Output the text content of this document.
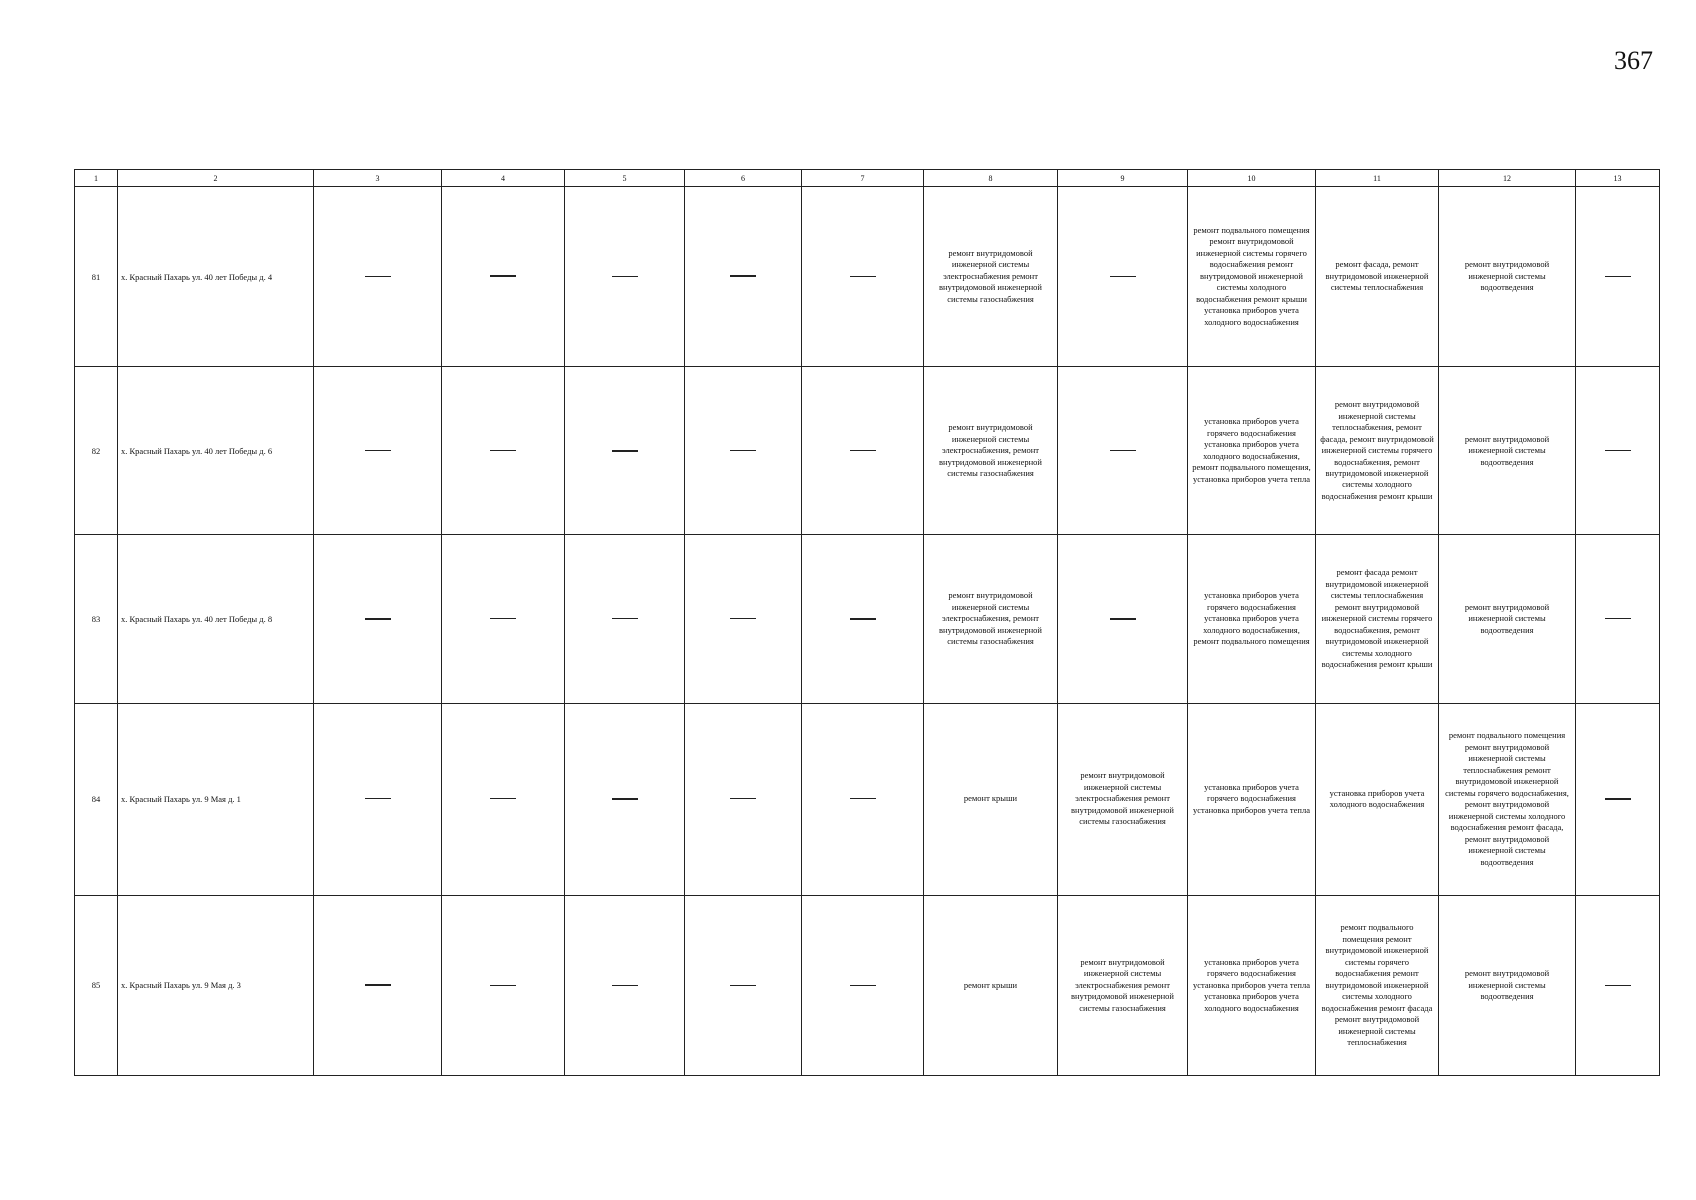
367
1	2	3	4	5	6	7	8	9	10	11	12	13
81	х. Красный Пахарь ул. 40 лет Победы д. 4						ремонт внутридомовой инженерной системы электроснабжения ремонт внутридомовой инженерной системы газоснабжения		ремонт подвального помещения ремонт внутридомовой инженерной системы горячего водоснабжения ремонт внутридомовой инженерной системы холодного водоснабжения ремонт крыши установка приборов учета холодного водоснабжения	ремонт фасада, ремонт внутридомовой инженерной системы теплоснабжения	ремонт внутридомовой инженерной системы водоотведения	
82	х. Красный Пахарь ул. 40 лет Победы д. 6						ремонт внутридомовой инженерной системы электроснабжения, ремонт внутридомовой инженерной системы газоснабжения		установка приборов учета горячего водоснабжения установка приборов учета холодного водоснабжения, ремонт подвального помещения, установка приборов учета тепла	ремонт внутридомовой инженерной системы теплоснабжения, ремонт фасада, ремонт внутридомовой инженерной системы горячего водоснабжения, ремонт внутридомовой инженерной системы холодного водоснабжения ремонт крыши	ремонт внутридомовой инженерной системы водоотведения	
83	х. Красный Пахарь ул. 40 лет Победы д. 8						ремонт внутридомовой инженерной системы электроснабжения, ремонт внутридомовой инженерной системы газоснабжения		установка приборов учета горячего водоснабжения установка приборов учета холодного водоснабжения, ремонт подвального помещения	ремонт фасада ремонт внутридомовой инженерной системы теплоснабжения ремонт внутридомовой инженерной системы горячего водоснабжения, ремонт внутридомовой инженерной системы холодного водоснабжения ремонт крыши	ремонт внутридомовой инженерной системы водоотведения	
84	х. Красный Пахарь ул. 9 Мая д. 1						ремонт крыши	ремонт внутридомовой инженерной системы электроснабжения ремонт внутридомовой инженерной системы газоснабжения	установка приборов учета горячего водоснабжения установка приборов учета тепла	установка приборов учета холодного водоснабжения	ремонт подвального помещения ремонт внутридомовой инженерной системы теплоснабжения ремонт внутридомовой инженерной системы горячего водоснабжения, ремонт внутридомовой инженерной системы холодного водоснабжения ремонт фасада, ремонт внутридомовой инженерной системы водоотведения	
85	х. Красный Пахарь ул. 9 Мая д. 3						ремонт крыши	ремонт внутридомовой инженерной системы электроснабжения ремонт внутридомовой инженерной системы газоснабжения	установка приборов учета горячего водоснабжения установка приборов учета тепла установка приборов учета холодного водоснабжения	ремонт подвального помещения ремонт внутридомовой инженерной системы горячего водоснабжения ремонт внутридомовой инженерной системы холодного водоснабжения ремонт фасада ремонт внутридомовой инженерной системы теплоснабжения	ремонт внутридомовой инженерной системы водоотведения	
